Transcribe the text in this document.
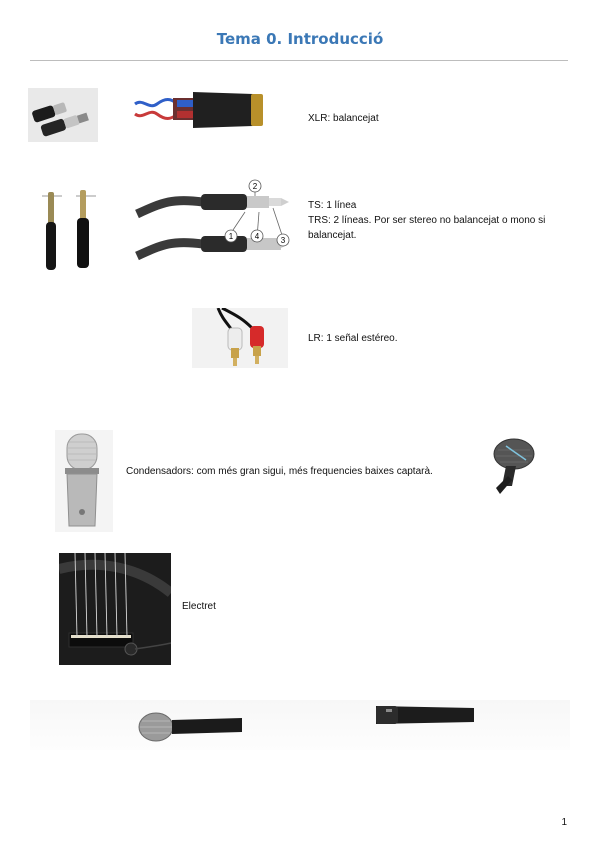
Tema 0. Introducció
XLR: balancejat
2
1	4	3
TS: 1 línea
TRS: 2 líneas. Por ser stereo no balancejat o mono si balancejat.
LR: 1 señal estéreo.
Condensadors: com més gran sigui, més frequencies baixes captarà.
Electret
1
